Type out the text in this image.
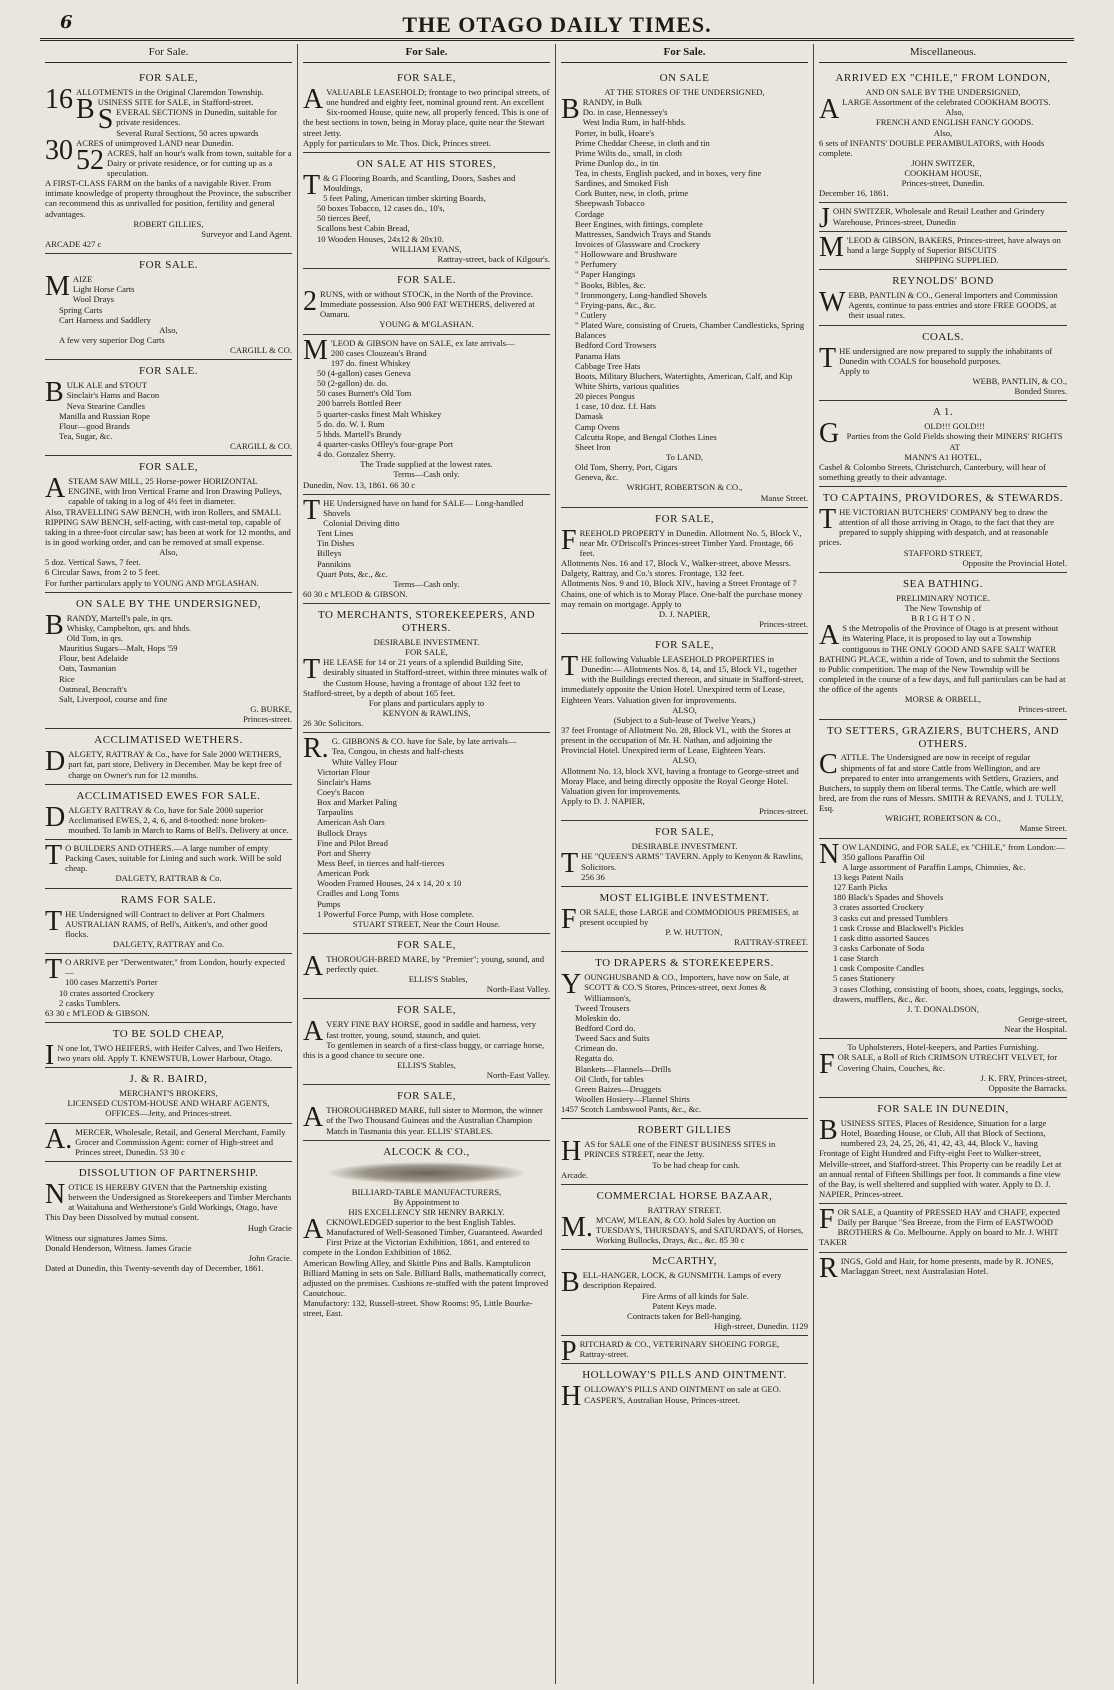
6	THE OTAGO DAILY TIMES.
For Sale.
FOR SALE,

16 ALLOTMENTS in the Original Claremdon Township.

BUSINESS SITE for SALE, in Stafford-street.

SEVERAL SECTIONS in Dunedin, suitable for private residences.

Several Rural Sections, 50 acres upwards

30 ACRES of unimproved LAND near Dunedin.

52 ACRES, half an hour's walk from town, suitable for a Dairy or private residence, or for cutting up as a speculation.

A FIRST-CLASS FARM on the banks of a navigable River. From intimate knowledge of property throughout the Province, the subscriber can recommend this as unrivalled for position, fertility and general advantages.

ROBERT GILLIES,

Surveyor and Land Agent.

ARCADE 427 c

FOR SALE.

MAIZE

Light Horse Carts

Wool Drays

Spring Carts

Cart Harness and Saddlery

Also,

A few very superior Dog Carts

CARGILL & CO.

FOR SALE.

BULK ALE and STOUT

Sinclair's Hams and Bacon

Neva Stearine Candles

Manilla and Russian Rope

Flour—good Brands

Tea, Sugar, &c.

CARGILL & CO.

FOR SALE,

A STEAM SAW MILL, 25 Horse-power HORIZONTAL ENGINE, with Iron Vertical Frame and Iron Drawing Pulleys, capable of taking in a log of 4½ feet in diameter.

Also, TRAVELLING SAW BENCH, with iron Rollers, and SMALL RIPPING SAW BENCH, self-acting, with cast-metal top, capable of taking in a three-foot circular saw; has been at work for 12 months, and is in good working order, and can be removed at small expense.

Also,

5 doz. Vertical Saws, 7 feet.

6 Circular Saws, from 2 to 5 feet.

For further particulars apply to YOUNG AND M'GLASHAN.

ON SALE BY THE UNDERSIGNED,

BRANDY, Martell's pale, in qrs.

Whisky, Campbelton, qrs. and hhds.

Old Tom, in qrs.

Mauritius Sugars—Malt, Hops '59

Flour, best Adelaide

Oats, Tasmanian

Rice

Oatmeal, Bencraft's

Salt, Liverpool, course and fine

G. BURKE,

Princes-street.

ACCLIMATISED WETHERS.

DALGETY, RATTRAY & Co., have for Sale 2000 WETHERS, part fat, part store, Delivery in December. May be kept free of charge on Owner's run for 12 months.

ACCLIMATISED EWES FOR SALE.

DALGETY RATTRAY & Co, have for Sale 2000 superior Acclimatised EWES, 2, 4, 6, and 8-toothed: none broken-mouthed. To lamb in March to Rams of Bell's. Delivery at once.

T O BUILDERS AND OTHERS.—A large number of empty Packing Cases, suitable for Lining and such work. Will be sold cheap.

DALGETY, RATTRAB & Co.

RAMS FOR SALE.

THE Undersigned will Contract to deliver at Port Chalmers AUSTRALIAN RAMS, of Bell's, Aitken's, and other good flocks.

DALGETY, RATTRAY and Co.

T O ARRIVE per "Derwentwater," from London, hourly expected—

100 cases Marzetti's Porter

10 crates assorted Crockery

2 casks Tumblers.

63 30 c M'LEOD & GIBSON.

TO BE SOLD CHEAP,

I N one lot, TWO HEIFERS, with Heifer Calves, and Two Heifers, two years old. Apply T. KNEWSTUB, Lower Harbour, Otago.

J. & R. BAIRD,

MERCHANT'S BROKERS,

LICENSED CUSTOM-HOUSE AND WHARF AGENTS,

OFFICES—Jetty, and Princes-street.

A. MERCER, Wholesale, Retail, and General Merchant, Family Grocer and Commission Agent: corner of High-street and Princes street, Dunedin. 53 30 c

DISSOLUTION OF PARTNERSHIP.

NOTICE IS HEREBY GIVEN that the Partnership existing between the Undersigned as Storekeepers and Timber Merchants at Waitahuna and Wetherstone's Gold Workings, Otago, have This Day been Dissolved by mutual consent.

Hugh Gracie

Witness our signatures James Sims.

Donald Henderson, Witness. James Gracie

John Gracie.

Dated at Dunedin, this Twenty-seventh day of December, 1861.

For Sale.
FOR SALE,

A VALUABLE LEASEHOLD; frontage to two principal streets, of one hundred and eighty feet, nominal ground rent. An excellent Six-roomed House, quite new, all properly fenced. This is one of the best sections in town, being in Moray place, quite near the Stewart street Jetty.

Apply for particulars to Mr. Thos. Dick, Princes street.

ON SALE AT HIS STORES,

T & G Flooring Boards, and Scantling, Doors, Sashes and Mouldings,

5 feet Paling, American timber skirting Boards,

50 boxes Tobacco, 12 cases do., 10's,

50 tierces Beef,

Scallons best Cabin Bread,

10 Wooden Houses, 24x12 & 20x10.

WILLIAM EVANS,

Rattray-street, back of Kilgour's.

FOR SALE.

2 RUNS, with or without STOCK, in the North of the Province. Immediate possession. Also 900 FAT WETHERS, delivered at Oamaru.

YOUNG & M'GLASHAN.

M 'LEOD & GIBSON have on SALE, ex late arrivals—

200 cases Clouzeau's Brand

197 do. finest Whiskey

50 (4-gallon) cases Geneva

50 (2-gallon) do. do.

50 cases Burnett's Old Tom

200 barrels Bottled Beer

5 quarter-casks finest Malt Whiskey

5 do. do. W. I. Rum

5 hhds. Martell's Brandy

4 quarter-casks Offley's four-grape Port

4 do. Gonzalez Sherry.

The Trade supplied at the lowest rates.

Terms—Cash only.

Dunedin, Nov. 13, 1861. 66 30 c

THE Undersigned have on hand for SALE— Long-handled Shovels

Colonial Driving ditto

Tent Lines

Tin Dishes

Billeys

Pannikins

Quart Pots, &c., &c.

Terms—Cash only.

60 30 c M'LEOD & GIBSON.

TO MERCHANTS, STOREKEEPERS, AND OTHERS.

DESIRABLE INVESTMENT.

FOR SALE,

THE LEASE for 14 or 21 years of a splendid Building Site, desirably situated in Stafford-street, within three minutes walk of the Custom House, having a frontage of about 132 feet to Stafford-street, by a depth of about 165 feet.

For plans and particulars apply to

KENYON & RAWLINS,

26 30c Solicitors.

R. G. GIBBONS & CO. have for Sale, by late arrivals—

Tea, Congou, in chests and half-chests

White Valley Flour

Victorian Flour

Sinclair's Hams

Coey's Bacon

Box and Market Paling

Tarpaulins

American Ash Oars

Bullock Drays

Fine and Pilot Bread

Port and Sherry

Mess Beef, in tierces and half-tierces

American Pork

Wooden Framed Houses, 24 x 14, 20 x 10

Cradles and Long Toms

Pumps

1 Powerful Force Pump, with Hose complete.

STUART STREET, Near the Court House.

FOR SALE,

A THOROUGH-BRED MARE, by "Premier"; young, sound, and perfectly quiet.

ELLIS'S Stables,

North-East Valley.

FOR SALE,

A VERY FINE BAY HORSE, good in saddle and harness, very fast trotter, young, sound, staunch, and quiet.

To gentlemen in search of a first-class buggy, or carriage horse, this is a good chance to secure one.

ELLIS'S Stables,

North-East Valley.

FOR SALE,

A THOROUGHBRED MARE, full sister to Mormon, the winner of the Two Thousand Guineas and the Australian Champion Match in Tasmania this year. ELLIS' STABLES.

ALCOCK & CO.,

BILLIARD-TABLE MANUFACTURERS,

By Appointment to

HIS EXCELLENCY SIR HENRY BARKLY.

ACKNOWLEDGED superior to the best English Tables. Manufactured of Well-Seasoned Timber, Guaranteed. Awarded First Prize at the Victorian Exhibition, 1861, and entered to compete in the London Exhibition of 1862.

American Bowling Alley, and Skittle Pins and Balls. Kamptulicon Billiard Matting in sets on Sale. Billiard Balls, mathematically correct, adjusted on the premises. Cushions re-stuffed with the patent Improved Caoutchouc.

Manufactory: 132, Russell-street. Show Rooms: 95, Little Bourke-street, East.

For Sale.
ON SALE

AT THE STORES OF THE UNDERSIGNED,

BRANDY, in Bulk

Do. in case, Hennessey's

West India Rum, in half-hhds.

Porter, in bulk, Hoare's

Prime Cheddar Cheese, in cloth and tin

Prime Wilts do., small, in cloth

Prime Dunlop do., in tin

Tea, in chests, English packed, and in boxes, very fine

Sardines, and Smoked Fish

Cork Butter, new, in cloth, prime

Sheepwash Tobacco

Cordage

Beer Engines, with fittings, complete

Mattresses, Sandwich Trays and Stands

Invoices of Glassware and Crockery

" Hollowware and Brushware

" Perfumery

" Paper Hangings

" Books, Bibles, &c.

" Ironmongery, Long-handled Shovels

" Frying-pans, &c., &c.

" Cutlery

" Plated Ware, consisting of Cruets, Chamber Candlesticks, Spring Balances

Bedford Cord Trowsers

Panama Hats

Cabbage Tree Hats

Boots, Military Bluchers, Watertights, American, Calf, and Kip

White Shirts, various qualities

20 pieces Pongus

1 case, 10 doz. f.f. Hats

Damask

Camp Ovens

Calcutta Rope, and Bengal Clothes Lines

Sheet Iron

To LAND,

Old Tom, Sherry, Port, Cigars

Geneva, &c.

WRIGHT, ROBERTSON & CO.,

Manse Street.

FOR SALE,

FREEHOLD PROPERTY in Dunedin. Allotment No. 5, Block V., near Mr. O'Driscoll's Princes-street Timber Yard. Frontage, 66 feet.

Allotments Nos. 16 and 17, Block V., Walker-street, above Messrs. Dalgety, Rattray, and Co.'s stores. Frontage, 132 feet.

Allotments Nos. 9 and 10, Block XIV., having a Street Frontage of 7 Chains, one of which is to Moray Place. One-half the purchase money may remain on mortgage. Apply to

D. J. NAPIER,

Princes-street.

FOR SALE,

THE following Valuable LEASEHOLD PROPERTIES in Dunedin:— Allotments Nos. 8, 14, and 15, Block VI., together with the Buildings erected thereon, and situate in Stafford-street, immediately opposite the Union Hotel. Unexpired term of Lease, Eighteen Years. Valuation given for improvements.

ALSO,

(Subject to a Sub-lease of Twelve Years,)

37 feet Frontage of Allotment No. 28, Block VI., with the Stores at present in the occupation of Mr. H. Nathan, and adjoining the Provincial Hotel. Unexpired term of Lease, Eighteen Years.

ALSO,

Allotment No. 13, block XVI, having a frontage to George-street and Moray Place, and being directly opposite the Royal George Hotel. Valuation given for improvements.

Apply to D. J. NAPIER,

Princes-street.

FOR SALE,

DESIRABLE INVESTMENT.

THE "QUEEN'S ARMS" TAVERN. Apply to Kenyon & Rawlins, Solicitors.

256 36

MOST ELIGIBLE INVESTMENT.

FOR SALE, those LARGE and COMMODIOUS PREMISES, at present occupied by

P. W. HUTTON,

RATTRAY-STREET.

TO DRAPERS & STOREKEEPERS.

YOUNGHUSBAND & CO., Importers, have now on Sale, at SCOTT & CO.'S Stores, Princes-street, next Jones & Williamson's,

Tweed Trousers

Moleskin do.

Bedford Cord do.

Tweed Sacs and Suits

Crimean do.

Regatta do.

Blankets—Flannels—Drills

Oil Cloth, for tables

Green Baizes—Druggets

Woollen Hosiery—Flannel Shirts

1457 Scotch Lambswool Pants, &c., &c.

ROBERT GILLIES

HAS for SALE one of the FINEST BUSINESS SITES in PRINCES STREET, near the Jetty.

To be had cheap for cash.

Arcade.

COMMERCIAL HORSE BAZAAR,

RATTRAY STREET.

M. M'CAW, M'LEAN, & CO. hold Sales by Auction on TUESDAYS, THURSDAYS, and SATURDAYS, of Horses, Working Bullocks, Drays, &c., &c. 85 30 c

McCARTHY,

BELL-HANGER, LOCK, & GUNSMITH. Lamps of every description Repaired.

Fire Arms of all kinds for Sale.

Patent Keys made.

Contracts taken for Bell-hanging.

High-street, Dunedin. 1129

PRITCHARD & CO., VETERINARY SHOEING FORGE, Rattray-street.

HOLLOWAY'S PILLS AND OINTMENT.

HOLLOWAY'S PILLS AND OINTMENT on sale at GEO. CASPER'S, Australian House, Princes-street.

Miscellaneous.
ARRIVED EX "CHILE," FROM LONDON,

AND ON SALE BY THE UNDERSIGNED,

A LARGE Assortment of the celebrated COOKHAM BOOTS.

Also,

FRENCH AND ENGLISH FANCY GOODS.

Also,

6 sets of INFANTS' DOUBLE PERAMBULATORS, with Hoods complete.

JOHN SWITZER,

COOKHAM HOUSE,

Princes-street, Dunedin.

December 16, 1861.

JOHN SWITZER, Wholesale and Retail Leather and Grindery Warehouse, Princes-street, Dunedin

M 'LEOD & GIBSON, BAKERS, Princes-street, have always on hand a large Supply of Superior BISCUITS

SHIPPING SUPPLIED.

REYNOLDS' BOND

WEBB, PANTLIN & CO., General Importers and Commission Agents, continue to pass entries and store FREE GOODS, at their usual rates.

COALS.

THE undersigned are now prepared to supply the inhabitants of Dunedin with COALS for household purposes.

Apply to

WEBB, PANTLIN, & CO.,

Bonded Stores.

A 1.

G	OLD!!! GOLD!!!

Parties from the Gold Fields showing their MINERS' RIGHTS

AT

MANN'S A1 HOTEL,

Cashel & Colombo Streets, Christchurch, Canterbury, will hear of something greatly to their advantage.

TO CAPTAINS, PROVIDORES, & STEWARDS.

THE VICTORIAN BUTCHERS' COMPANY beg to draw the attention of all those arriving in Otago, to the fact that they are prepared to supply shipping with despatch, and at reasonable prices.

STAFFORD STREET,

Opposite the Provincial Hotel.

SEA BATHING.

PRELIMINARY NOTICE.

The New Township of

B R I G H T O N .

A S the Metropolis of the Province of Otago is at present without its Watering Place, it is proposed to lay out a Township contiguous to THE ONLY GOOD AND SAFE SALT WATER BATHING PLACE, within a ride of Town, and to submit the Sections to Public competition. The map of the New Township will be completed in the course of a few days, and full particulars can be had at the office of the agents

MORSE & ORBELL,

Princes-street.

TO SETTERS, GRAZIERS, BUTCHERS, AND OTHERS.

CATTLE. The Undersigned are now in receipt of regular shipments of fat and store Cattle from Wellington, and are prepared to enter into arrangements with Settlers, Graziers, and Butchers, to supply them on liberal terms. The Cattle, which are well bred, are from the runs of Messrs. SMITH & REVANS, and J. TULLY, Esq.

WRIGHT, ROBERTSON & CO.,

Manse Street.

NOW LANDING, and FOR SALE, ex "CHILE," from London:—

350 gallons Paraffin Oil

A large assortment of Paraffin Lamps, Chimnies, &c.

13 kegs Patent Nails

127 Earth Picks

180 Black's Spades and Shovels

3 crates assorted Crockery

3 casks cut and pressed Tumblers

1 cask Crosse and Blackwell's Pickles

1 cask ditto assorted Sauces

3 casks Carbonate of Soda

1 case Starch

1 cask Composite Candles

5 cases Stationery

3 cases Clothing, consisting of boots, shoes, coats, leggings, socks, drawers, mufflers, &c., &c.

J. T. DONALDSON,

George-street,

Near the Hospital.

To Upholsterers, Hotel-keepers, and Parties Furnishing.

FOR SALE, a Roll of Rich CRIMSON UTRECHT VELVET, for Covering Chairs, Couches, &c.

J. K. FRY, Princes-street,

Opposite the Barracks.

FOR SALE IN DUNEDIN,

BUSINESS SITES, Places of Residence, Situation for a large Hotel, Boarding House, or Club, All that Block of Sections, numbered 23, 24, 25, 26, 41, 42, 43, 44, Block V., having Frontage of Eight Hundred and Fifty-eight Feet to Walker-street, Melville-street, and Stafford-street. This Property can be readily Let at an annual rental of Fifteen Shillings per foot. It commands a fine view of the Bay, is well sheltered and supplied with water. Apply to D. J. NAPIER, Princes-street.

FOR SALE, a Quantity of PRESSED HAY and CHAFF, expected Daily per Barque "Sea Breeze, from the Firm of EASTWOOD BROTHERS & Co. Melbourne. Apply on board to Mr. J. WHIT TAKER

RINGS, Gold and Hair, for home presents, made by R. JONES, Maclaggan Street, next Australasian Hotel.
